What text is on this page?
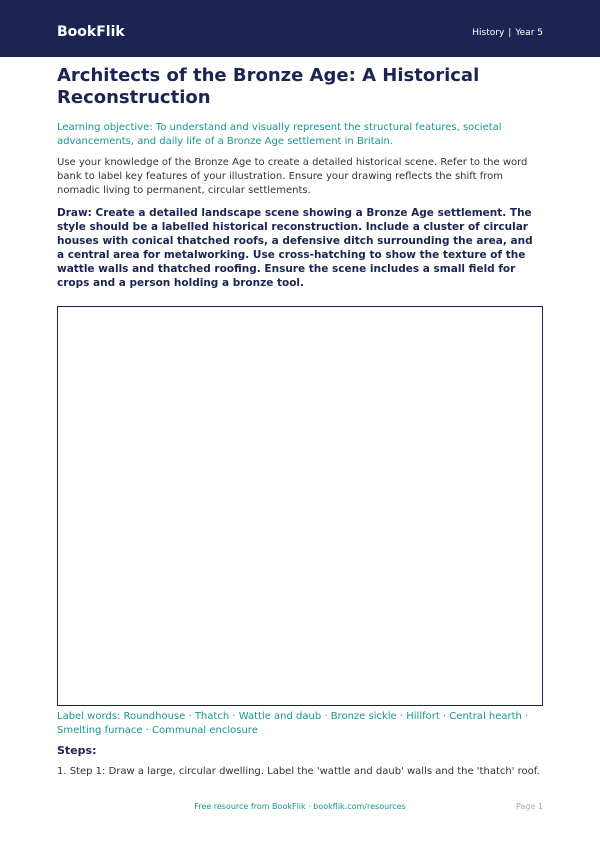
BookFlik	History | Year 5
Architects of the Bronze Age: A Historical Reconstruction

Learning objective: To understand and visually represent the structural features, societal advancements, and daily life of a Bronze Age settlement in Britain.

Use your knowledge of the Bronze Age to create a detailed historical scene. Refer to the word bank to label key features of your illustration. Ensure your drawing reflects the shift from nomadic living to permanent, circular settlements.

Draw: Create a detailed landscape scene showing a Bronze Age settlement. The style should be a labelled historical reconstruction. Include a cluster of circular houses with conical thatched roofs, a defensive ditch surrounding the area, and a central area for metalworking. Use cross-hatching to show the texture of the wattle walls and thatched roofing. Ensure the scene includes a small field for crops and a person holding a bronze tool.

Label words: Roundhouse · Thatch · Wattle and daub · Bronze sickle · Hillfort · Central hearth · Smelting furnace · Communal enclosure

Steps:

1. Step 1: Draw a large, circular dwelling. Label the 'wattle and daub' walls and the 'thatch' roof.

Free resource from BookFlik · bookflik.com/resources	Page 1
